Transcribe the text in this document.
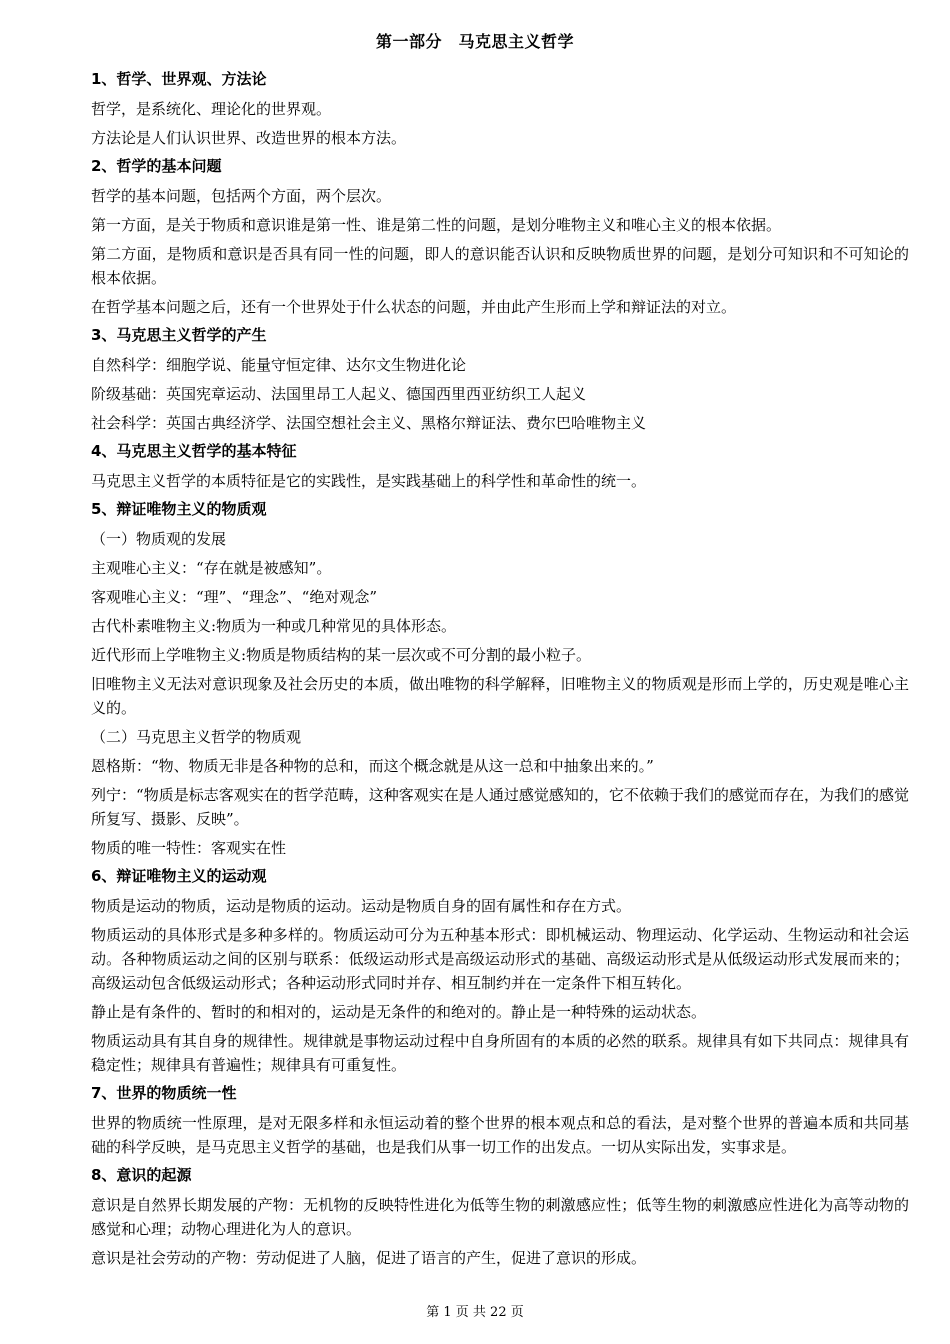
第一部分　马克思主义哲学
1、哲学、世界观、方法论
哲学，是系统化、理论化的世界观。
方法论是人们认识世界、改造世界的根本方法。
2、哲学的基本问题
哲学的基本问题，包括两个方面，两个层次。
第一方面，是关于物质和意识谁是第一性、谁是第二性的问题，是划分唯物主义和唯心主义的根本依据。
第二方面，是物质和意识是否具有同一性的问题，即人的意识能否认识和反映物质世界的问题，是划分可知识和不可知论的根本依据。
在哲学基本问题之后，还有一个世界处于什么状态的问题，并由此产生形而上学和辩证法的对立。
3、马克思主义哲学的产生
自然科学：细胞学说、能量守恒定律、达尔文生物进化论
阶级基础：英国宪章运动、法国里昂工人起义、德国西里西亚纺织工人起义
社会科学：英国古典经济学、法国空想社会主义、黑格尔辩证法、费尔巴哈唯物主义
4、马克思主义哲学的基本特征
马克思主义哲学的本质特征是它的实践性，是实践基础上的科学性和革命性的统一。
5、辩证唯物主义的物质观
（一）物质观的发展
主观唯心主义：“存在就是被感知”。
客观唯心主义：“理”、“理念”、“绝对观念”
古代朴素唯物主义:物质为一种或几种常见的具体形态。
近代形而上学唯物主义:物质是物质结构的某一层次或不可分割的最小粒子。
旧唯物主义无法对意识现象及社会历史的本质，做出唯物的科学解释，旧唯物主义的物质观是形而上学的，历史观是唯心主义的。
（二）马克思主义哲学的物质观
恩格斯：“物、物质无非是各种物的总和，而这个概念就是从这一总和中抽象出来的。”
列宁：“物质是标志客观实在的哲学范畴，这种客观实在是人通过感觉感知的，它不依赖于我们的感觉而存在，为我们的感觉所复写、摄影、反映”。
物质的唯一特性：客观实在性
6、辩证唯物主义的运动观
物质是运动的物质，运动是物质的运动。运动是物质自身的固有属性和存在方式。
物质运动的具体形式是多种多样的。物质运动可分为五种基本形式：即机械运动、物理运动、化学运动、生物运动和社会运动。各种物质运动之间的区别与联系：低级运动形式是高级运动形式的基础、高级运动形式是从低级运动形式发展而来的；高级运动包含低级运动形式；各种运动形式同时并存、相互制约并在一定条件下相互转化。
静止是有条件的、暂时的和相对的，运动是无条件的和绝对的。静止是一种特殊的运动状态。
物质运动具有其自身的规律性。规律就是事物运动过程中自身所固有的本质的必然的联系。规律具有如下共同点：规律具有稳定性；规律具有普遍性；规律具有可重复性。
7、世界的物质统一性
世界的物质统一性原理，是对无限多样和永恒运动着的整个世界的根本观点和总的看法，是对整个世界的普遍本质和共同基础的科学反映，是马克思主义哲学的基础，也是我们从事一切工作的出发点。一切从实际出发，实事求是。
8、意识的起源
意识是自然界长期发展的产物：无机物的反映特性进化为低等生物的刺激感应性；低等生物的刺激感应性进化为高等动物的感觉和心理；动物心理进化为人的意识。
意识是社会劳动的产物：劳动促进了人脑，促进了语言的产生，促进了意识的形成。
第 1 页 共 22 页
